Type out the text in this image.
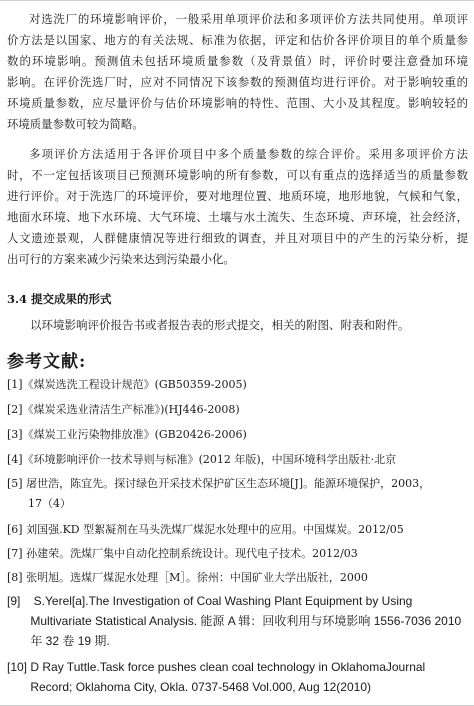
对选洗厂的环境影响评价，一般采用单项评价法和多项评价方法共同使用。单项评
价方法是以国家、地方的有关法规、标准为依据，评定和估价各评价项目的单个质量参
数的环境影响。预测值未包括环境质量参数（及背景值）时，评价时要注意叠加环境
影响。在评价洗选厂时，应对不同情况下该参数的预测值均进行评价。对于影响较重的
环境质量参数，应尽量评价与估价环境影响的特性、范围、大小及其程度。影响较轻的
环境质量参数可较为简略。
多项评价方法适用于各评价项目中多个质量参数的综合评价。采用多项评价方法
时，不一定包括该项目已预测环境影响的所有参数，可以有重点的选择适当的质量参数
进行评价。对于洗选厂的环境评价，要对地理位置、地质环境，地形地貌，气候和气象，
地面水环境、地下水环境、大气环境、土壤与水土流失、生态环境、声环境，社会经济，
人文遗迹景观，人群健康情况等进行细致的调查，并且对项目中的产生的污染分析，提
出可行的方案来减少污染来达到污染最小化。

3.4 提交成果的形式

以环境影响评价报告书或者报告表的形式提交，相关的附图、附表和附件。

参考文献:
[1]《煤炭选洗工程设计规范》(GB50359-2005)
[2]《煤炭采选业清洁生产标准》)(HJ446-2008)
[3]《煤炭工业污染物排放准》(GB20426-2006)
[4]《环境影响评价一技术导则与标准》(2012 年版)，中国环境科学出版社·北京
[5] 屠世浩，陈宜先。探讨绿色开采技术保护矿区生态环境[J]。能源环境保护，2003，
17（4）
[6] 刘国强.KD 型絮凝剂在马头洗煤厂煤泥水处理中的应用。中国煤炭。2012/05
[7] 孙建荣。洗煤厂集中自动化控制系统设计。现代电子技术。2012/03
[8] 张明旭。选煤厂煤泥水处理［M］。徐州：中国矿业大学出版社，2000
[9]    S.Yerel[a].The Investigation of Coal Washing Plant Equipment by Using
Multivariate Statistical Analysis. 能源 A 辑：回收利用与环境影响 1556-7036 2010
年 32 卷 19 期.
[10] D Ray Tuttle.Task force pushes clean coal technology in OklahomaJournal
Record; Oklahoma City, Okla. 0737-5468 Vol.000, Aug 12(2010)
